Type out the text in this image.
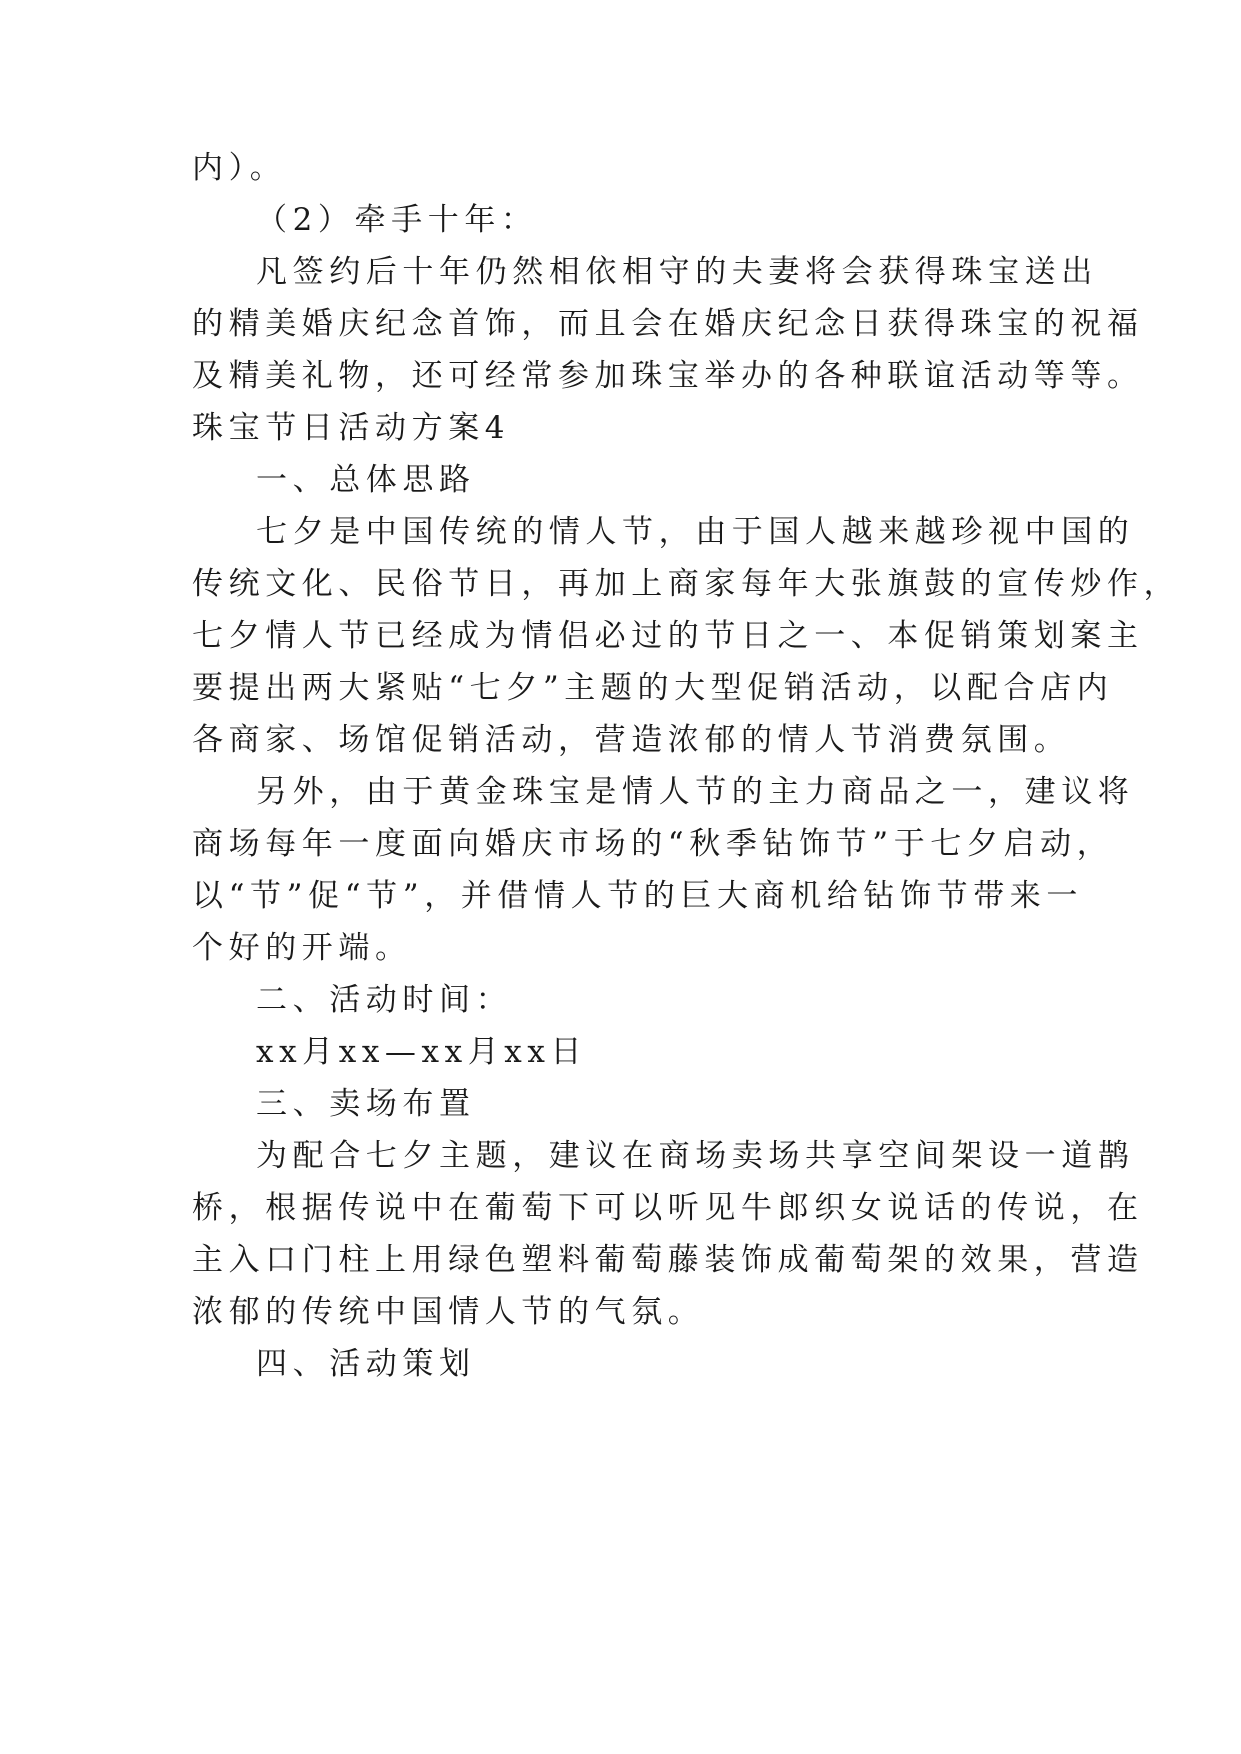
内）。
（2）牵手十年：
凡签约后十年仍然相依相守的夫妻将会获得珠宝送出
的精美婚庆纪念首饰，而且会在婚庆纪念日获得珠宝的祝福
及精美礼物，还可经常参加珠宝举办的各种联谊活动等等。
珠宝节日活动方案4
一、总体思路
七夕是中国传统的情人节，由于国人越来越珍视中国的
传统文化、民俗节日，再加上商家每年大张旗鼓的宣传炒作，
七夕情人节已经成为情侣必过的节日之一、本促销策划案主
要提出两大紧贴“七夕”主题的大型促销活动，以配合店内
各商家、场馆促销活动，营造浓郁的情人节消费氛围。
另外，由于黄金珠宝是情人节的主力商品之一，建议将
商场每年一度面向婚庆市场的“秋季钻饰节”于七夕启动，
以“节”促“节”，并借情人节的巨大商机给钻饰节带来一
个好的开端。
二、活动时间：
xx月xx—xx月xx日
三、卖场布置
为配合七夕主题，建议在商场卖场共享空间架设一道鹊
桥，根据传说中在葡萄下可以听见牛郎织女说话的传说，在
主入口门柱上用绿色塑料葡萄藤装饰成葡萄架的效果，营造
浓郁的传统中国情人节的气氛。
四、活动策划
